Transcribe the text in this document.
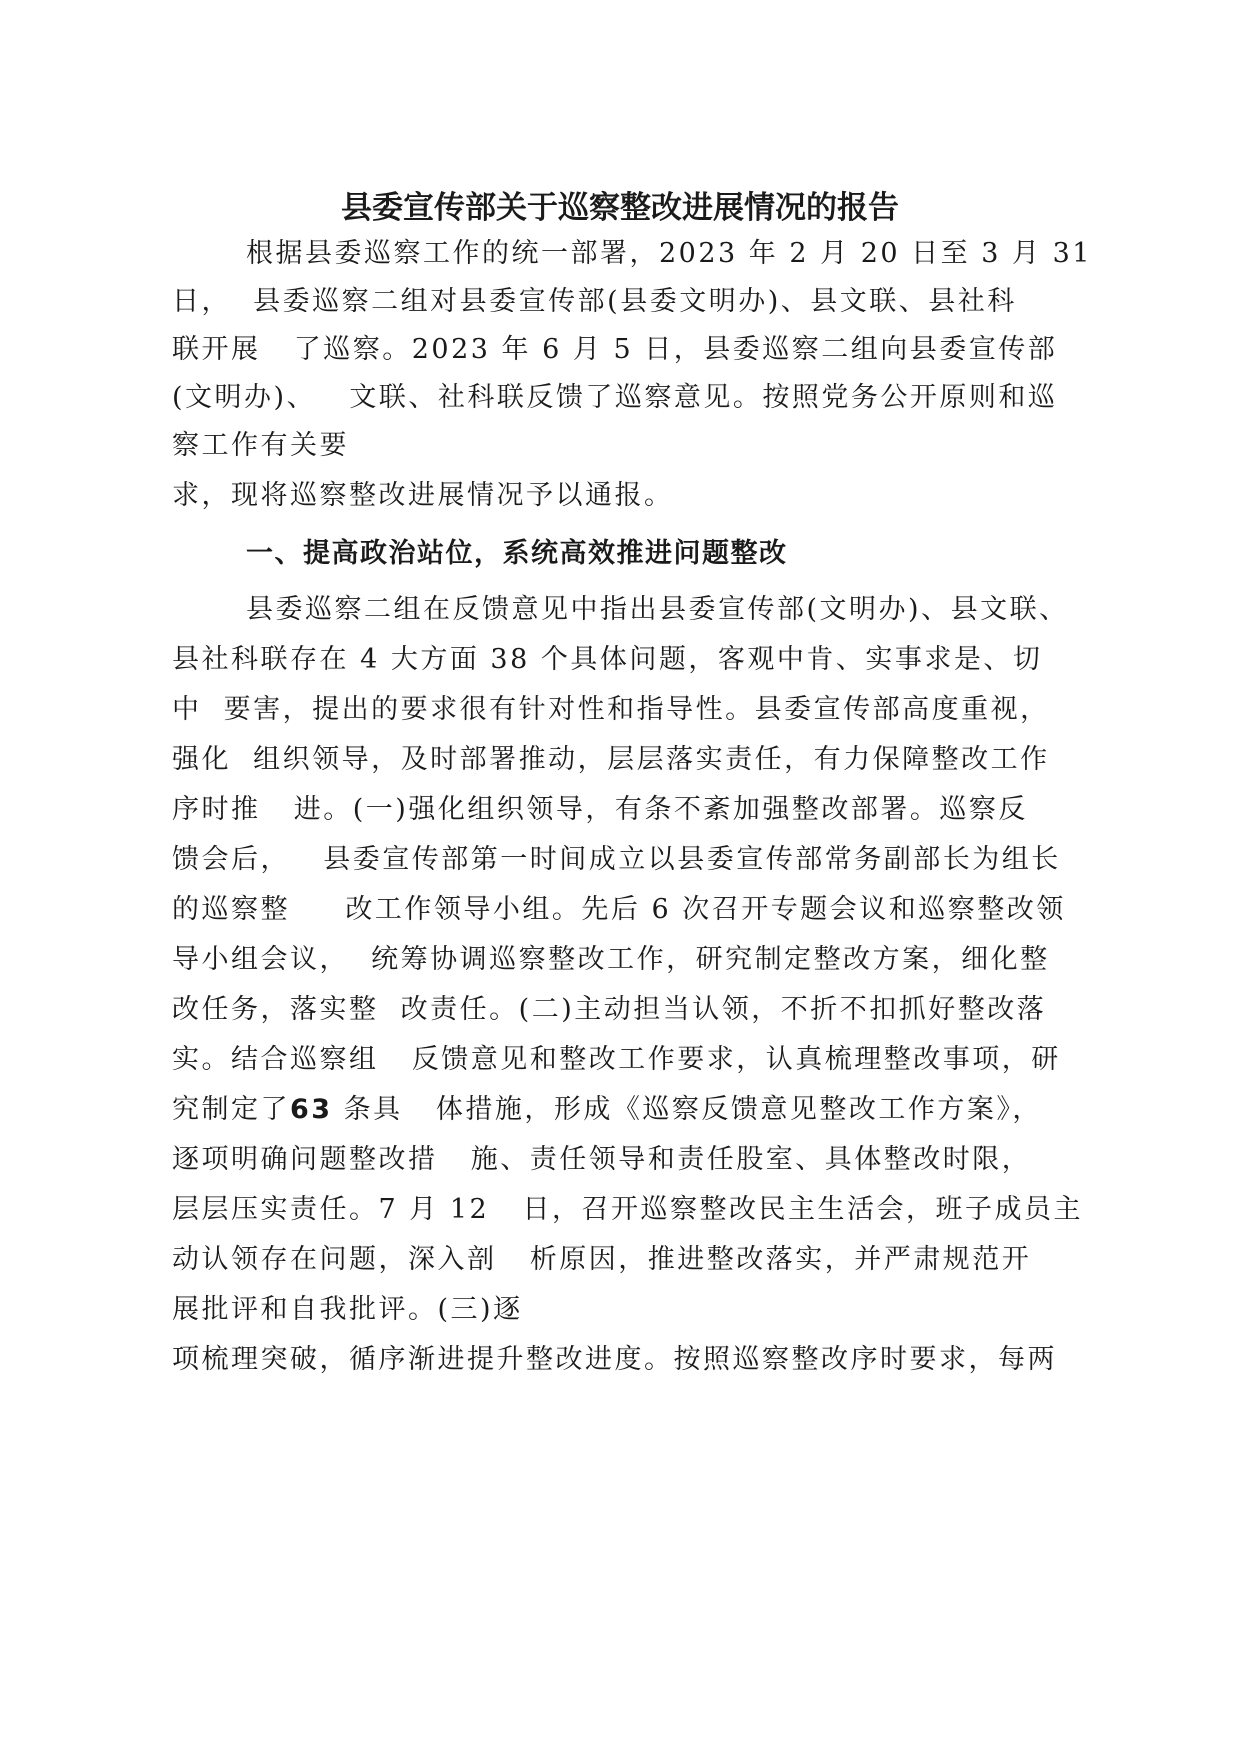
县委宣传部关于巡察整改进展情况的报告
根据县委巡察工作的统一部署，2023 年 2 月 20 日至 3 月 31
日，  县委巡察二组对县委宣传部(县委文明办)、县文联、县社科
联开展   了巡察。2023 年 6 月 5 日，县委巡察二组向县委宣传部
(文明办)、   文联、社科联反馈了巡察意见。按照党务公开原则和巡
察工作有关要
求，现将巡察整改进展情况予以通报。
一、提高政治站位，系统高效推进问题整改
县委巡察二组在反馈意见中指出县委宣传部(文明办)、县文联、
县社科联存在 4 大方面 38 个具体问题，客观中肯、实事求是、切
中  要害，提出的要求很有针对性和指导性。县委宣传部高度重视，
强化  组织领导，及时部署推动，层层落实责任，有力保障整改工作
序时推   进。(一)强化组织领导，有条不紊加强整改部署。巡察反
馈会后，   县委宣传部第一时间成立以县委宣传部常务副部长为组长
的巡察整     改工作领导小组。先后 6 次召开专题会议和巡察整改领
导小组会议，  统筹协调巡察整改工作，研究制定整改方案，细化整
改任务，落实整  改责任。(二)主动担当认领，不折不扣抓好整改落
实。结合巡察组   反馈意见和整改工作要求，认真梳理整改事项，研
究制定了63 条具   体措施，形成《巡察反馈意见整改工作方案》，
逐项明确问题整改措   施、责任领导和责任股室、具体整改时限，
层层压实责任。7 月 12   日，召开巡察整改民主生活会，班子成员主
动认领存在问题，深入剖   析原因，推进整改落实，并严肃规范开
展批评和自我批评。(三)逐
项梳理突破，循序渐进提升整改进度。按照巡察整改序时要求，每两
